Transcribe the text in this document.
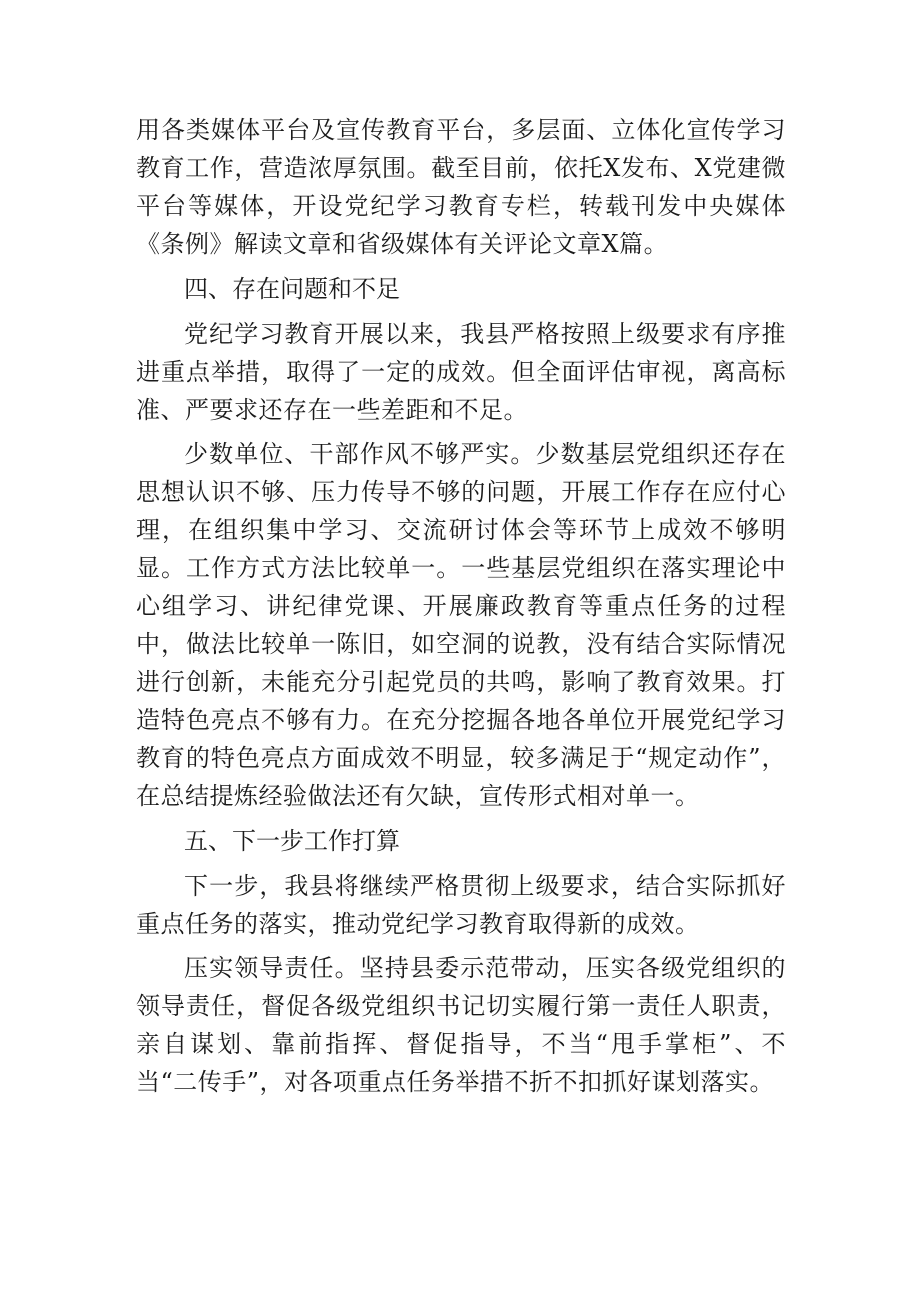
用各类媒体平台及宣传教育平台，多层面、立体化宣传学习教育工作，营造浓厚氛围。截至目前，依托X发布、X党建微平台等媒体，开设党纪学习教育专栏，转载刊发中央媒体《条例》解读文章和省级媒体有关评论文章X篇。

四、存在问题和不足

党纪学习教育开展以来，我县严格按照上级要求有序推进重点举措，取得了一定的成效。但全面评估审视，离高标准、严要求还存在一些差距和不足。

少数单位、干部作风不够严实。少数基层党组织还存在思想认识不够、压力传导不够的问题，开展工作存在应付心理，在组织集中学习、交流研讨体会等环节上成效不够明显。工作方式方法比较单一。一些基层党组织在落实理论中心组学习、讲纪律党课、开展廉政教育等重点任务的过程中，做法比较单一陈旧，如空洞的说教，没有结合实际情况进行创新，未能充分引起党员的共鸣，影响了教育效果。打造特色亮点不够有力。在充分挖掘各地各单位开展党纪学习教育的特色亮点方面成效不明显，较多满足于“规定动作”，在总结提炼经验做法还有欠缺，宣传形式相对单一。

五、下一步工作打算

下一步，我县将继续严格贯彻上级要求，结合实际抓好重点任务的落实，推动党纪学习教育取得新的成效。

压实领导责任。坚持县委示范带动，压实各级党组织的领导责任，督促各级党组织书记切实履行第一责任人职责，亲自谋划、靠前指挥、督促指导，不当“甩手掌柜”、不当“二传手”，对各项重点任务举措不折不扣抓好谋划落实。
